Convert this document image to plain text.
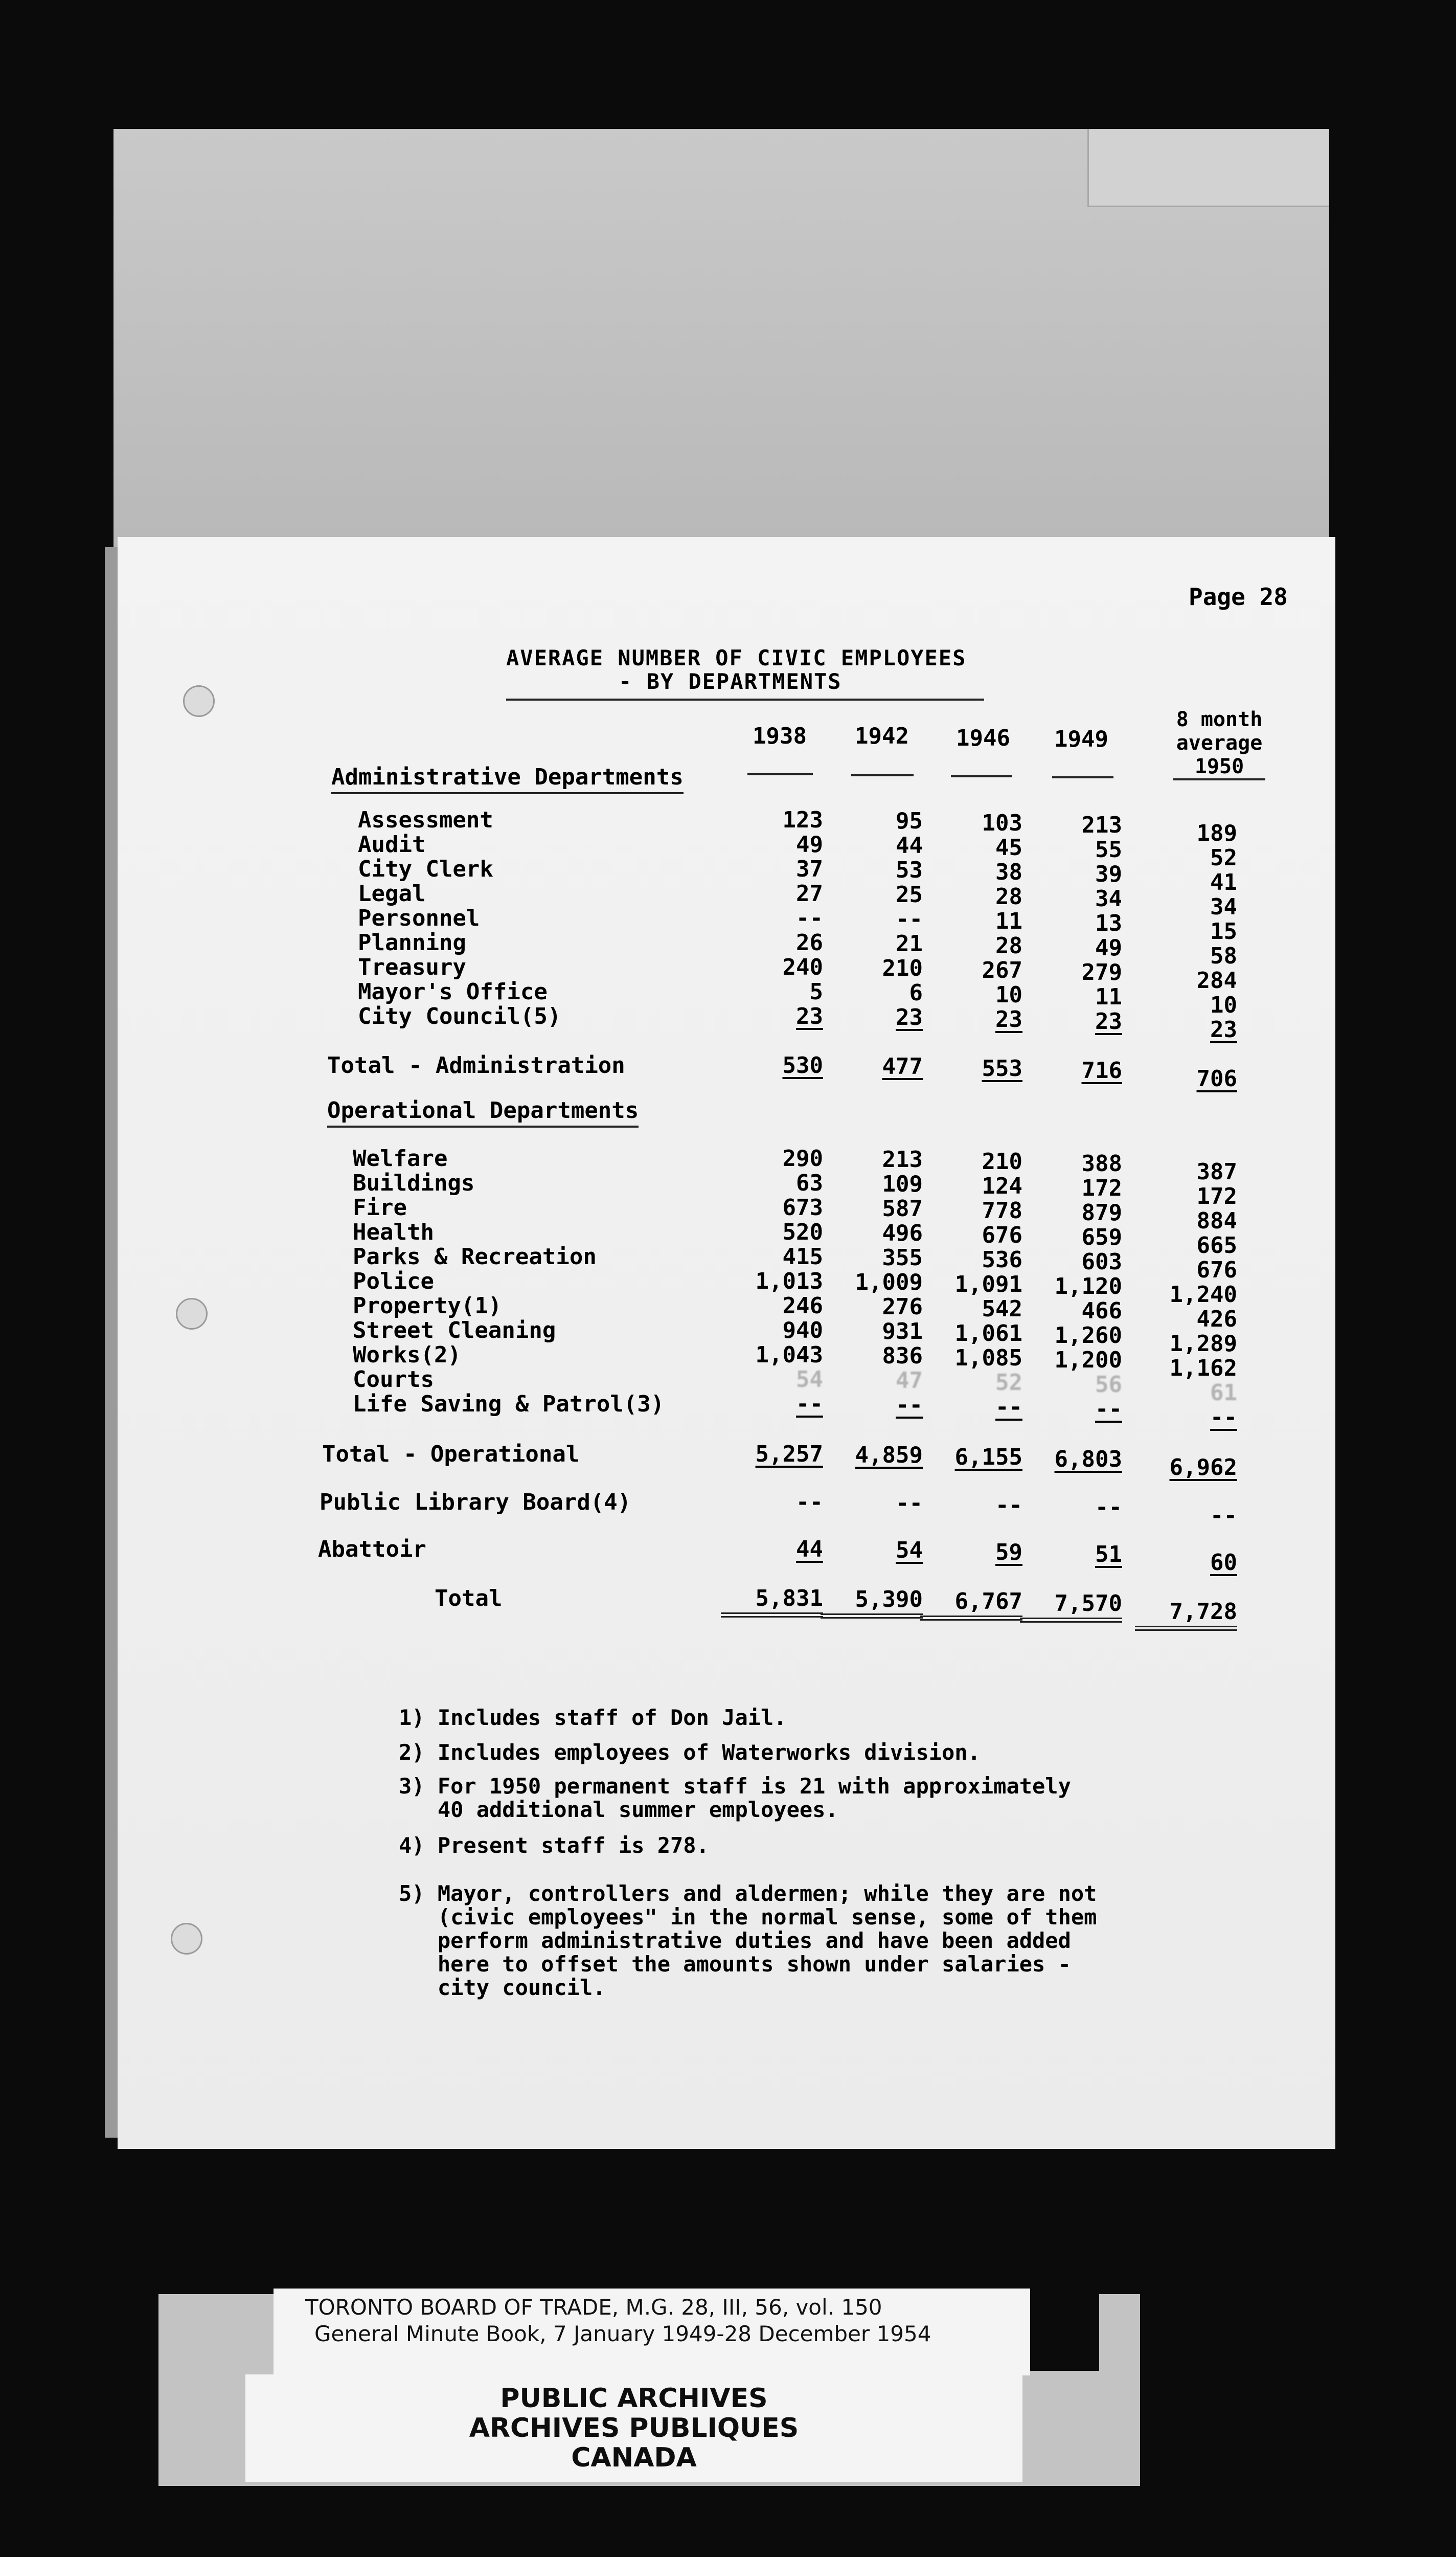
Page 28
AVERAGE NUMBER OF CIVIC EMPLOYEES
- BY DEPARTMENTS
1938	1942	1946	1949
8 month
average
1950
Administrative Departments
Assessment	123	95	103	213	189
Audit	49	44	45	55	52
City Clerk	37	53	38	39	41
Legal	27	25	28	34	34
Personnel	--	--	11	13	15
Planning	26	21	28	49	58
Treasury	240	210	267	279	284
Mayor's Office	5	6	10	11	10
City Council(5)	23	23	23	23	23
Total - Administration	530	477	553	716	706
Operational Departments
Welfare	290	213	210	388	387
Buildings	63	109	124	172	172
Fire	673	587	778	879	884
Health	520	496	676	659	665
Parks & Recreation	415	355	536	603	676
Police	1,013	1,009	1,091	1,120	1,240
Property(1)	246	276	542	466	426
Street Cleaning	940	931	1,061	1,260	1,289
Works(2)	1,043	836	1,085	1,200	1,162
Courts	54	47	52	56	61
Life Saving & Patrol(3)	--	--	--	--	--
Total - Operational	5,257	4,859	6,155	6,803	6,962
Public Library Board(4)	--	--	--	--	--
Abattoir	44	54	59	51	60
Total	5,831	5,390	6,767	7,570	7,728
1) Includes staff of Don Jail.
2) Includes employees of Waterworks division.
3) For 1950 permanent staff is 21 with approximately
40 additional summer employees.
4) Present staff is 278.
5) Mayor, controllers and aldermen; while they are not
(civic employees" in the normal sense, some of them
perform administrative duties and have been added
here to offset the amounts shown under salaries -
city council.
TORONTO BOARD OF TRADE, M.G. 28, III, 56, vol. 150
General Minute Book, 7 January 1949-28 December 1954
PUBLIC ARCHIVES
ARCHIVES PUBLIQUES
CANADA
